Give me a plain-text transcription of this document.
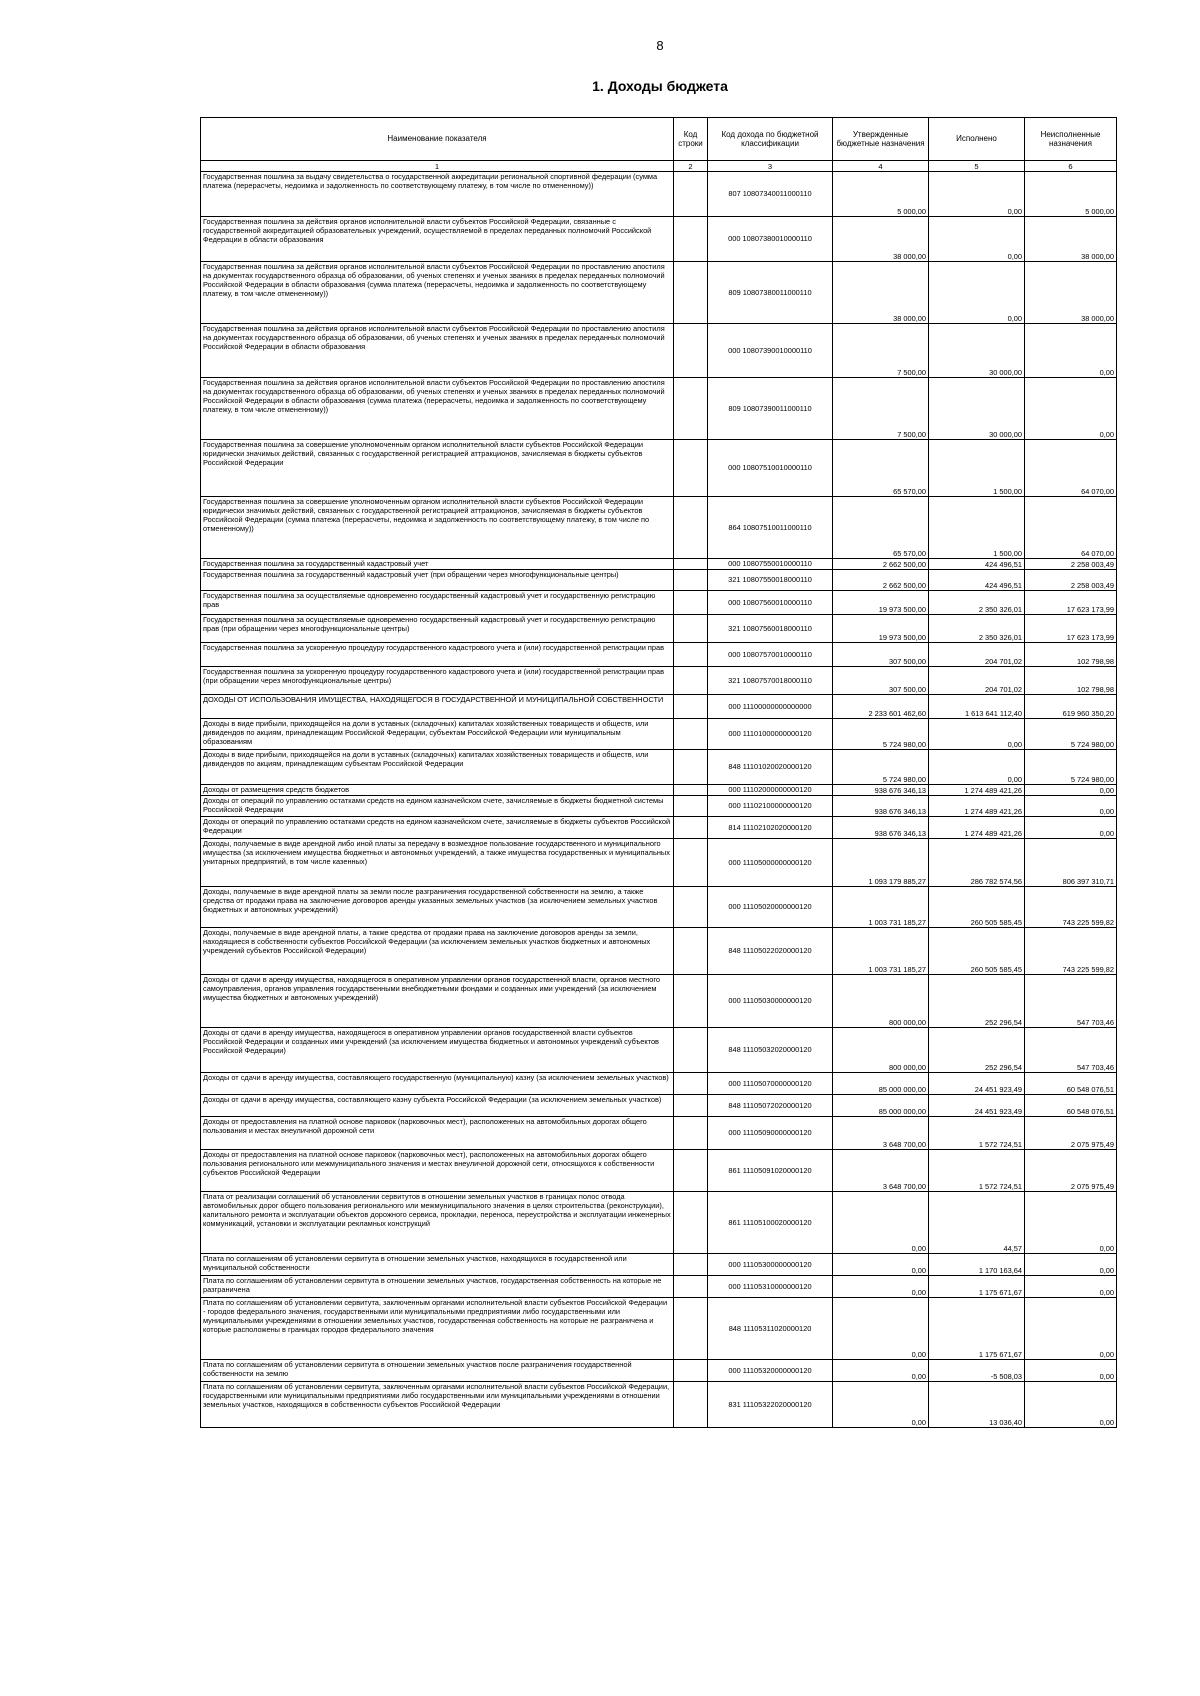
8
1. Доходы бюджета
Наименование показателя	Код строки	Код дохода по бюджетной классификации	Утвержденные бюджетные назначения	Исполнено	Неисполненные назначения
1	2	3	4	5	6
Государственная пошлина за выдачу свидетельства о государственной аккредитации региональной спортивной федерации (сумма платежа (перерасчеты, недоимка и задолженность по соответствующему платежу, в том числе по отмененному))		807 10807340011000110	5 000,00	0,00	5 000,00
Государственная пошлина за действия органов исполнительной власти субъектов Российской Федерации, связанные с государственной аккредитацией образовательных учреждений, осуществляемой в пределах переданных полномочий Российской Федерации в области образования		000 10807380010000110	38 000,00	0,00	38 000,00
Государственная пошлина за действия органов исполнительной власти субъектов Российской Федерации по проставлению апостиля на документах государственного образца об образовании, об ученых степенях и ученых званиях в пределах переданных полномочий Российской Федерации в области образования (сумма платежа (перерасчеты, недоимка и задолженность по соответствующему платежу, в том числе отмененному))		809 10807380011000110	38 000,00	0,00	38 000,00
Государственная пошлина за действия органов исполнительной власти субъектов Российской Федерации по проставлению апостиля на документах государственного образца об образовании, об ученых степенях и ученых званиях в пределах переданных полномочий Российской Федерации в области образования		000 10807390010000110	7 500,00	30 000,00	0,00
Государственная пошлина за действия органов исполнительной власти субъектов Российской Федерации по проставлению апостиля на документах государственного образца об образовании, об ученых степенях и ученых званиях в пределах переданных полномочий Российской Федерации в области образования (сумма платежа (перерасчеты, недоимка и задолженность по соответствующему платежу, в том числе отмененному))		809 10807390011000110	7 500,00	30 000,00	0,00
Государственная пошлина за совершение уполномоченным органом исполнительной власти субъектов Российской Федерации юридически значимых действий, связанных с государственной регистрацией аттракционов, зачисляемая в бюджеты субъектов Российской Федерации		000 10807510010000110	65 570,00	1 500,00	64 070,00
Государственная пошлина за совершение уполномоченным органом исполнительной власти субъектов Российской Федерации юридически значимых действий, связанных с государственной регистрацией аттракционов, зачисляемая в бюджеты субъектов Российской Федерации (сумма платежа (перерасчеты, недоимка и задолженность по соответствующему платежу, в том числе по отмененному))		864 10807510011000110	65 570,00	1 500,00	64 070,00
Государственная пошлина за государственный кадастровый учет		000 10807550010000110	2 662 500,00	424 496,51	2 258 003,49
Государственная пошлина за государственный кадастровый учет (при обращении через многофункциональные центры)		321 10807550018000110	2 662 500,00	424 496,51	2 258 003,49
Государственная пошлина за осуществляемые одновременно государственный кадастровый учет и государственную регистрацию прав		000 10807560010000110	19 973 500,00	2 350 326,01	17 623 173,99
Государственная пошлина за осуществляемые одновременно государственный кадастровый учет и государственную регистрацию прав (при обращении через многофункциональные центры)		321 10807560018000110	19 973 500,00	2 350 326,01	17 623 173,99
Государственная пошлина за ускоренную процедуру государственного кадастрового учета и (или) государственной регистрации прав		000 10807570010000110	307 500,00	204 701,02	102 798,98
Государственная пошлина за ускоренную процедуру государственного кадастрового учета и (или) государственной регистрации прав (при обращении через многофункциональные центры)		321 10807570018000110	307 500,00	204 701,02	102 798,98
ДОХОДЫ ОТ ИСПОЛЬЗОВАНИЯ ИМУЩЕСТВА, НАХОДЯЩЕГОСЯ В ГОСУДАРСТВЕННОЙ И МУНИЦИПАЛЬНОЙ СОБСТВЕННОСТИ		000 11100000000000000	2 233 601 462,60	1 613 641 112,40	619 960 350,20
Доходы в виде прибыли, приходящейся на доли в уставных (складочных) капиталах хозяйственных товариществ и обществ, или дивидендов по акциям, принадлежащим Российской Федерации, субъектам Российской Федерации или муниципальным образованиям		000 11101000000000120	5 724 980,00	0,00	5 724 980,00
Доходы в виде прибыли, приходящейся на доли в уставных (складочных) капиталах хозяйственных товариществ и обществ, или дивидендов по акциям, принадлежащим субъектам Российской Федерации		848 11101020020000120	5 724 980,00	0,00	5 724 980,00
Доходы от размещения средств бюджетов		000 11102000000000120	938 676 346,13	1 274 489 421,26	0,00
Доходы от операций по управлению остатками средств на едином казначейском счете, зачисляемые в бюджеты бюджетной системы Российской Федерации		000 11102100000000120	938 676 346,13	1 274 489 421,26	0,00
Доходы от операций по управлению остатками средств на едином казначейском счете, зачисляемые в бюджеты субъектов Российской Федерации		814 11102102020000120	938 676 346,13	1 274 489 421,26	0,00
Доходы, получаемые в виде арендной либо иной платы за передачу в возмездное пользование государственного и муниципального имущества (за исключением имущества бюджетных и автономных учреждений, а также имущества государственных и муниципальных унитарных предприятий, в том числе казенных)		000 11105000000000120	1 093 179 885,27	286 782 574,56	806 397 310,71
Доходы, получаемые в виде арендной платы за земли после разграничения государственной собственности на землю, а также средства от продажи права на заключение договоров аренды указанных земельных участков (за исключением земельных участков бюджетных и автономных учреждений)		000 11105020000000120	1 003 731 185,27	260 505 585,45	743 225 599,82
Доходы, получаемые в виде арендной платы, а также средства от продажи права на заключение договоров аренды за земли, находящиеся в собственности субъектов Российской Федерации (за исключением земельных участков бюджетных и автономных учреждений субъектов Российской Федерации)		848 11105022020000120	1 003 731 185,27	260 505 585,45	743 225 599,82
Доходы от сдачи в аренду имущества, находящегося в оперативном управлении органов государственной власти, органов местного самоуправления, органов управления государственными внебюджетными фондами и созданных ими учреждений (за исключением имущества бюджетных и автономных учреждений)		000 11105030000000120	800 000,00	252 296,54	547 703,46
Доходы от сдачи в аренду имущества, находящегося в оперативном управлении органов государственной власти субъектов Российской Федерации и созданных ими учреждений (за исключением имущества бюджетных и автономных учреждений субъектов Российской Федерации)		848 11105032020000120	800 000,00	252 296,54	547 703,46
Доходы от сдачи в аренду имущества, составляющего государственную (муниципальную) казну (за исключением земельных участков)		000 11105070000000120	85 000 000,00	24 451 923,49	60 548 076,51
Доходы от сдачи в аренду имущества, составляющего казну субъекта Российской Федерации (за исключением земельных участков)		848 11105072020000120	85 000 000,00	24 451 923,49	60 548 076,51
Доходы от предоставления на платной основе парковок (парковочных мест), расположенных на автомобильных дорогах общего пользования и местах внеуличной дорожной сети		000 11105090000000120	3 648 700,00	1 572 724,51	2 075 975,49
Доходы от предоставления на платной основе парковок (парковочных мест), расположенных на автомобильных дорогах общего пользования регионального или межмуниципального значения и местах внеуличной дорожной сети, относящихся к собственности субъектов Российской Федерации		861 11105091020000120	3 648 700,00	1 572 724,51	2 075 975,49
Плата от реализации соглашений об установлении сервитутов в отношении земельных участков в границах полос отвода автомобильных дорог общего пользования регионального или межмуниципального значения в целях строительства (реконструкции), капитального ремонта и эксплуатации объектов дорожного сервиса, прокладки, переноса, переустройства и эксплуатации инженерных коммуникаций, установки и эксплуатации рекламных конструкций		861 11105100020000120	0,00	44,57	0,00
Плата по соглашениям об установлении сервитута в отношении земельных участков, находящихся в государственной или муниципальной собственности		000 11105300000000120	0,00	1 170 163,64	0,00
Плата по соглашениям об установлении сервитута в отношении земельных участков, государственная собственность на которые не разграничена		000 11105310000000120	0,00	1 175 671,67	0,00
Плата по соглашениям об установлении сервитута, заключенным органами исполнительной власти субъектов Российской Федерации - городов федерального значения, государственными или муниципальными предприятиями либо государственными или муниципальными учреждениями в отношении земельных участков, государственная собственность на которые не разграничена и которые расположены в границах городов федерального значения		848 11105311020000120	0,00	1 175 671,67	0,00
Плата по соглашениям об установлении сервитута в отношении земельных участков после разграничения государственной собственности на землю		000 11105320000000120	0,00	-5 508,03	0,00
Плата по соглашениям об установлении сервитута, заключенным органами исполнительной власти субъектов Российской Федерации, государственными или муниципальными предприятиями либо государственными или муниципальными учреждениями в отношении земельных участков, находящихся в собственности субъектов Российской Федерации		831 11105322020000120	0,00	13 036,40	0,00
